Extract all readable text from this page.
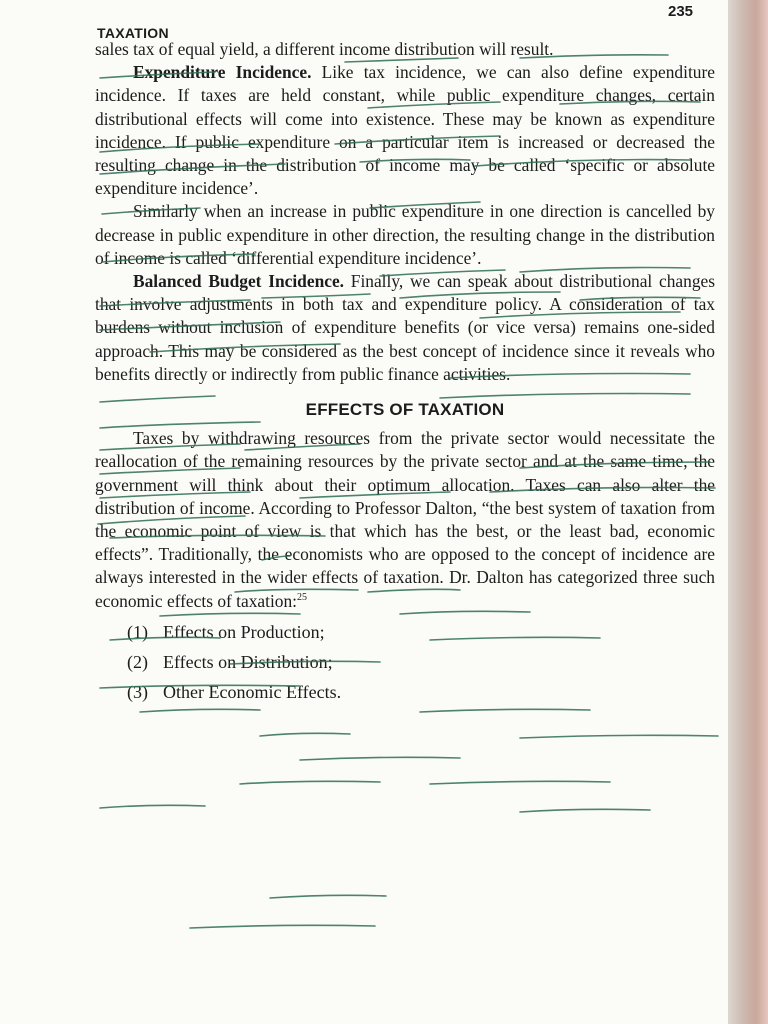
TAXATION
235

sales tax of equal yield, a different income distribution will result.

Expenditure Incidence. Like tax incidence, we can also define expenditure incidence. If taxes are held constant, while public expenditure changes, certain distributional effects will come into existence. These may be known as expenditure incidence. If public expenditure on a particular item is increased or decreased the resulting change in the distribution of income may be called ‘specific or absolute expenditure incidence’.

Similarly when an increase in public expenditure in one direction is cancelled by decrease in public expenditure in other direction, the resulting change in the distribution of income is called ‘differential expenditure incidence’.

Balanced Budget Incidence. Finally, we can speak about distributional changes that involve adjustments in both tax and expenditure policy. A consideration of tax burdens without inclusion of expenditure benefits (or vice versa) remains one-sided approach. This may be considered as the best concept of incidence since it reveals who benefits directly or indirectly from public finance activities.

EFFECTS OF TAXATION

Taxes by withdrawing resources from the private sector would necessitate the reallocation of the remaining resources by the private sector and at the same time, the government will think about their optimum allocation. Taxes can also alter the distribution of income. According to Professor Dalton, “the best system of taxation from the economic point of view is that which has the best, or the least bad, economic effects”. Traditionally, the economists who are opposed to the concept of incidence are always interested in the wider effects of taxation. Dr. Dalton has categorized three such economic effects of taxation:$^{25}$

(1) Effects on Production;
(2) Effects on Distribution;
(3) Other Economic Effects.
